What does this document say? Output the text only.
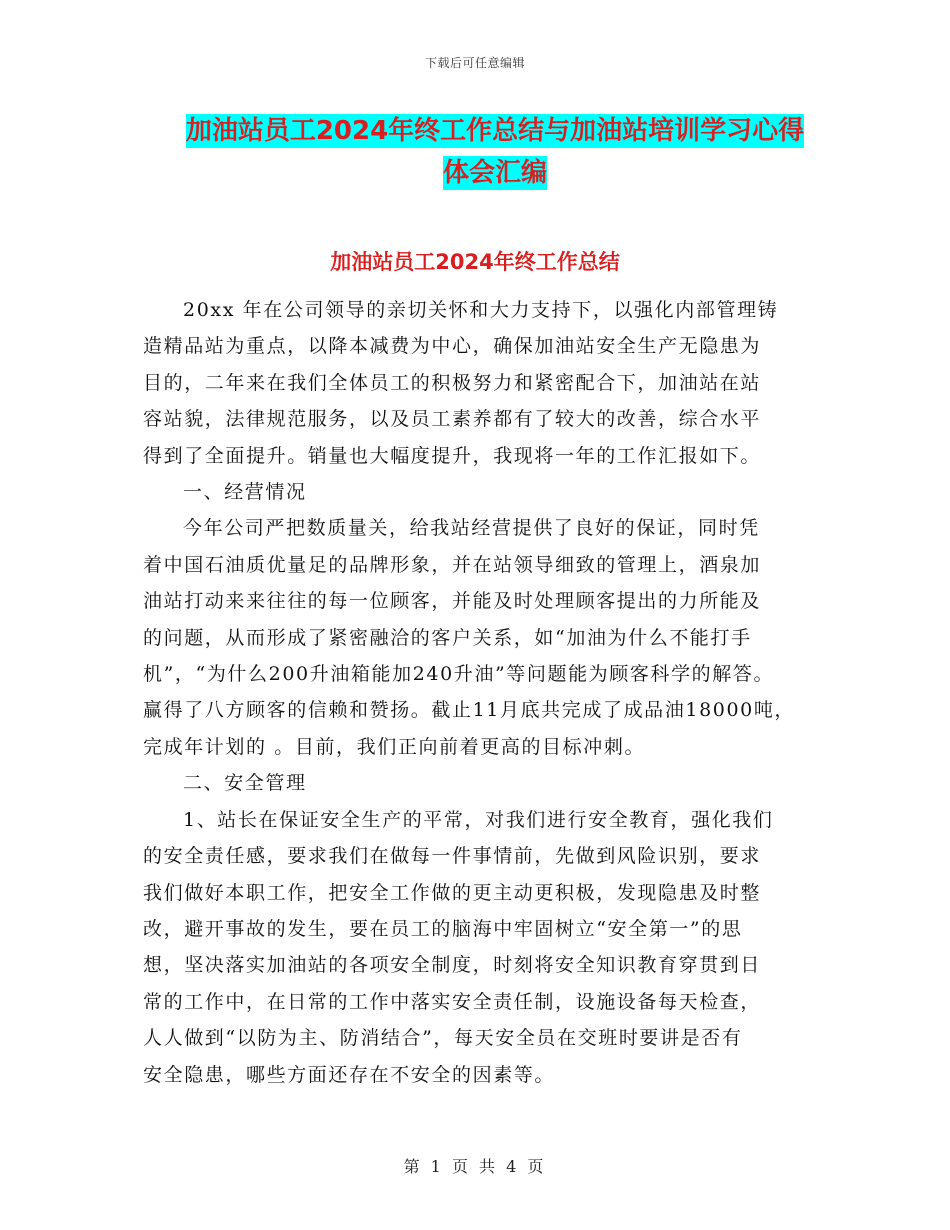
下载后可任意编辑
加油站员工2024年终工作总结与加油站培训学习心得
体会汇编
加油站员工2024年终工作总结
20xx 年在公司领导的亲切关怀和大力支持下，以强化内部管理铸
造精品站为重点，以降本减费为中心，确保加油站安全生产无隐患为
目的，二年来在我们全体员工的积极努力和紧密配合下，加油站在站
容站貌，法律规范服务，以及员工素养都有了较大的改善，综合水平
得到了全面提升。销量也大幅度提升，我现将一年的工作汇报如下。
一、经营情况
今年公司严把数质量关，给我站经营提供了良好的保证，同时凭
着中国石油质优量足的品牌形象，并在站领导细致的管理上，酒泉加
油站打动来来往往的每一位顾客，并能及时处理顾客提出的力所能及
的问题，从而形成了紧密融洽的客户关系，如“加油为什么不能打手
机”，“为什么200升油箱能加240升油”等问题能为顾客科学的解答。
赢得了八方顾客的信赖和赞扬。截止11月底共完成了成品油18000吨，
完成年计划的 。目前，我们正向前着更高的目标冲刺。
二、安全管理
1、站长在保证安全生产的平常，对我们进行安全教育，强化我们
的安全责任感，要求我们在做每一件事情前，先做到风险识别，要求
我们做好本职工作，把安全工作做的更主动更积极，发现隐患及时整
改，避开事故的发生，要在员工的脑海中牢固树立“安全第一”的思
想，坚决落实加油站的各项安全制度，时刻将安全知识教育穿贯到日
常的工作中，在日常的工作中落实安全责任制，设施设备每天检查，
人人做到“以防为主、防消结合”，每天安全员在交班时要讲是否有
安全隐患，哪些方面还存在不安全的因素等。
第 1 页 共 4 页
